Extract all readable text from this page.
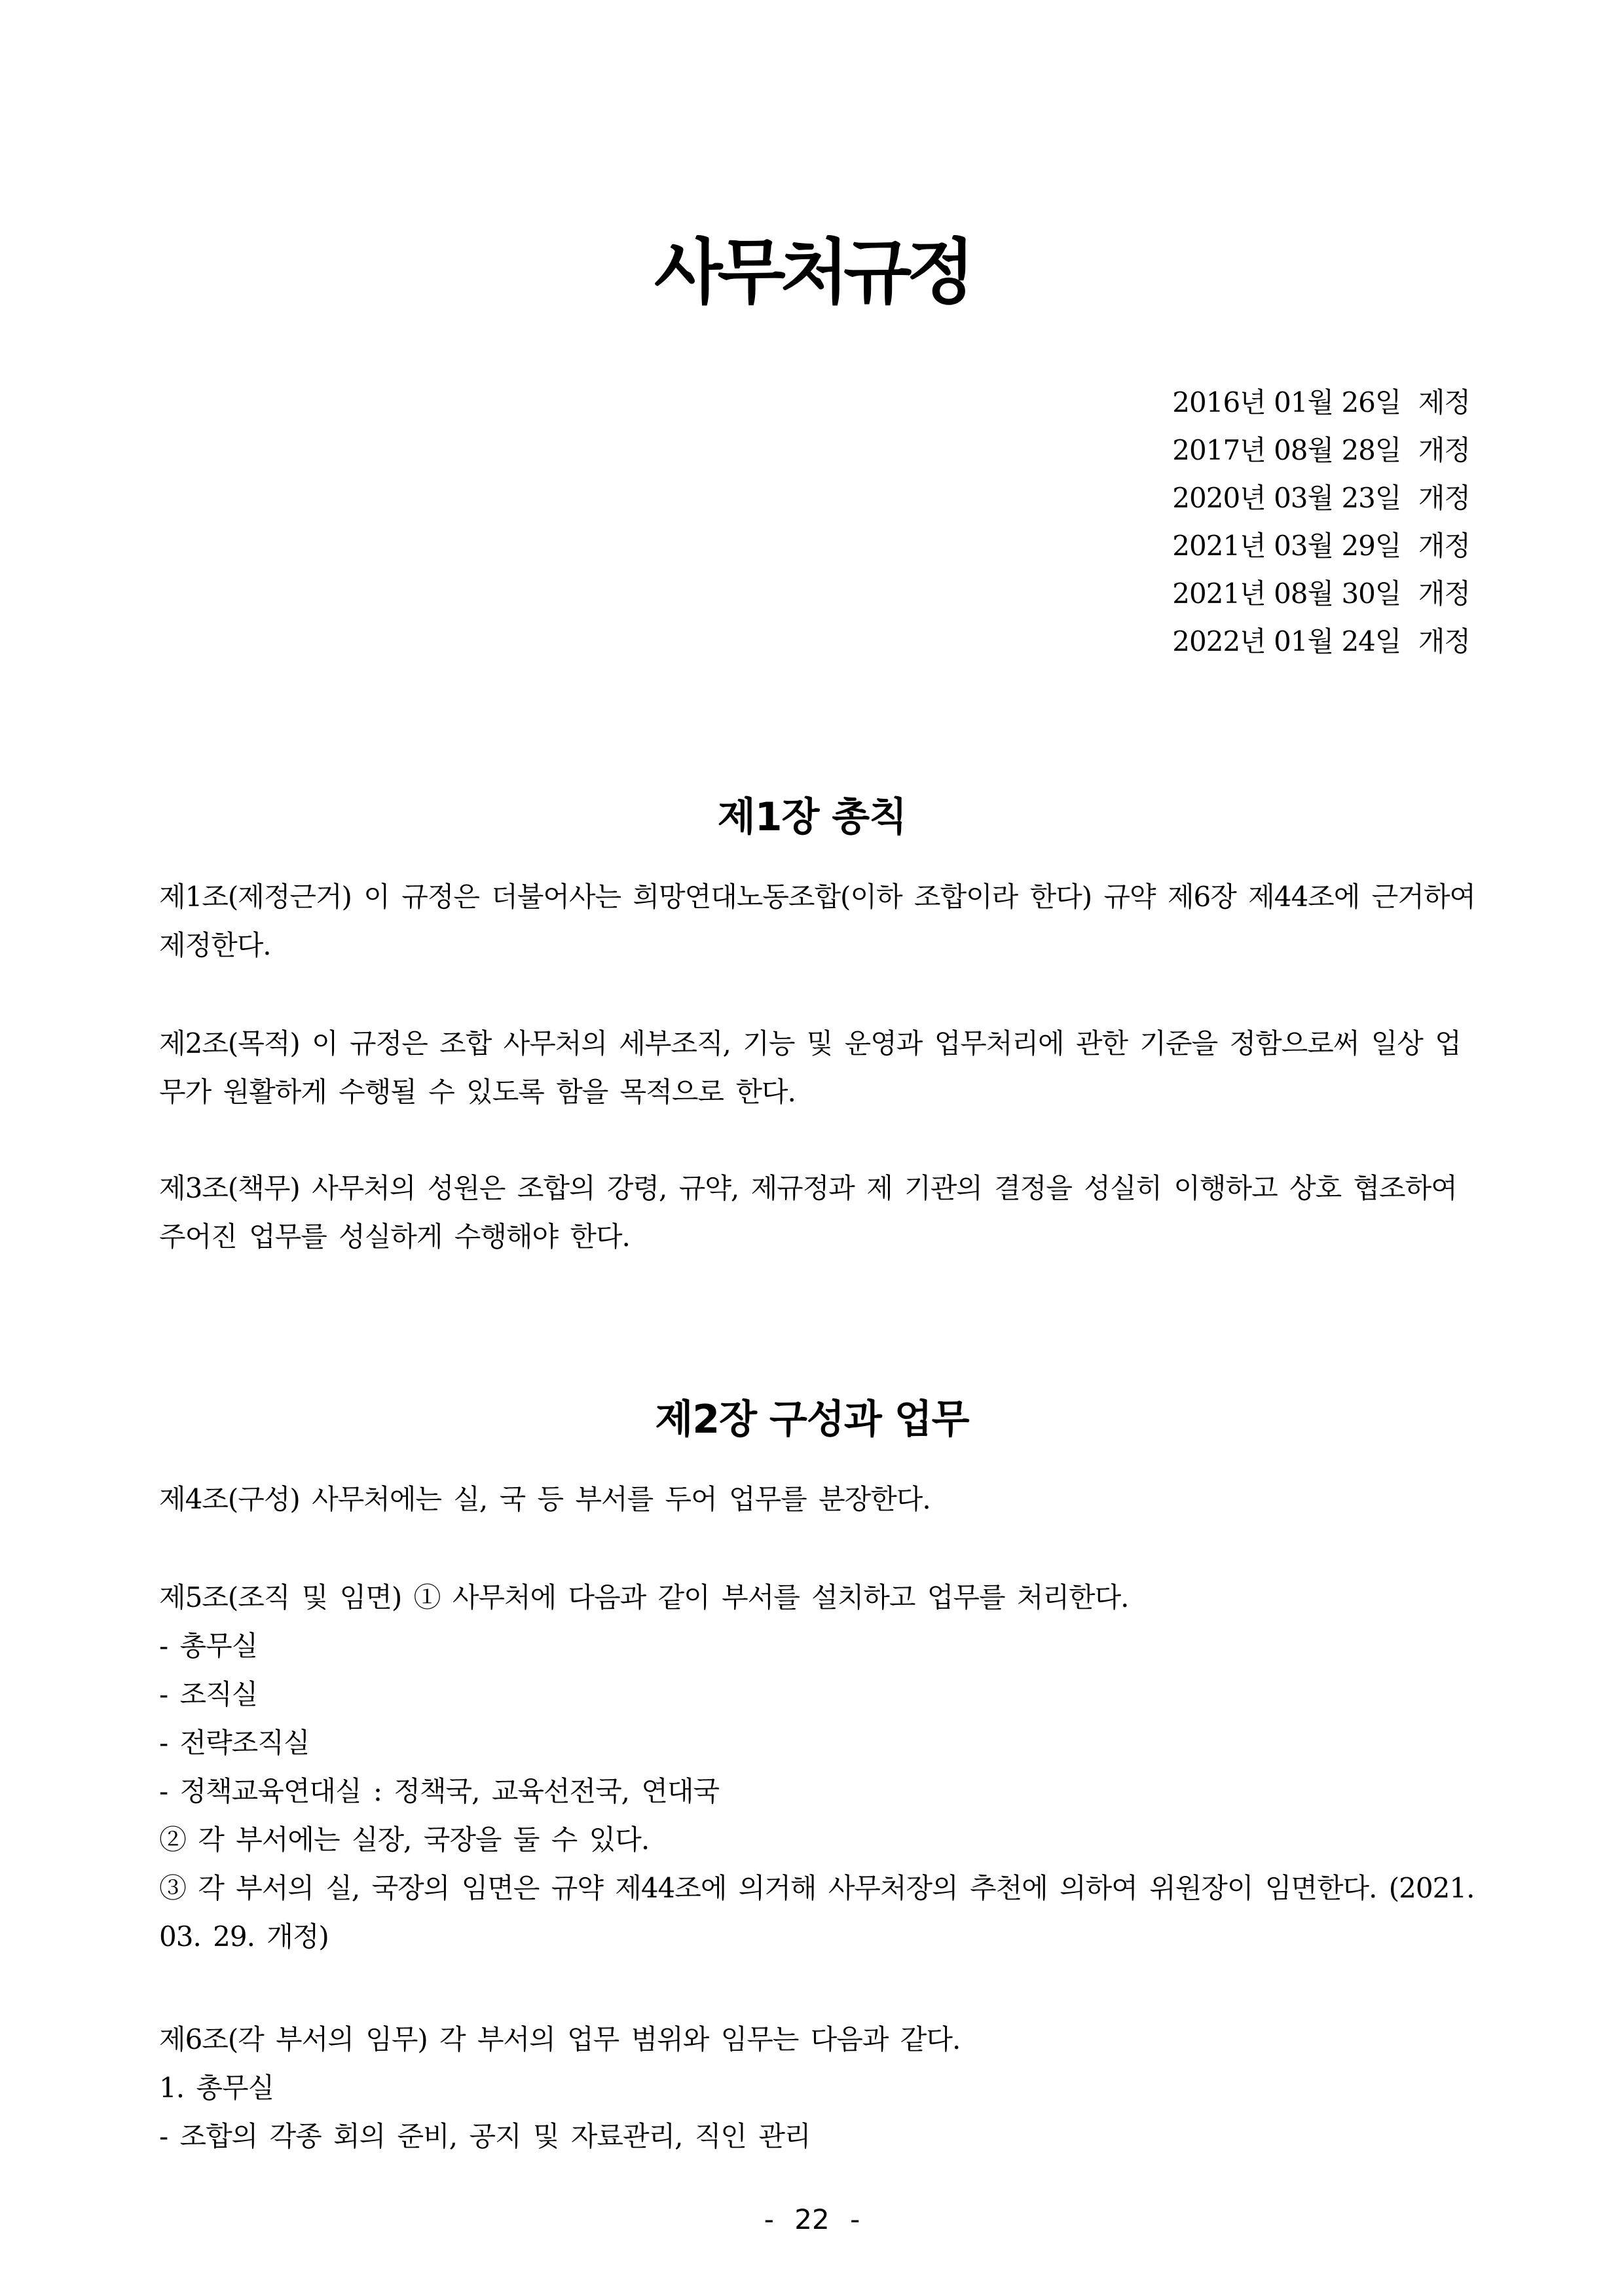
사무처규정
2016년 01월 26일 제정
2017년 08월 28일 개정
2020년 03월 23일 개정
2021년 03월 29일 개정
2021년 08월 30일 개정
2022년 01월 24일 개정
제1장 총칙
제1조(제정근거) 이 규정은 더불어사는 희망연대노동조합(이하 조합이라 한다) 규약 제6장 제44조에 근거하여
제정한다.
제2조(목적) 이 규정은 조합 사무처의 세부조직, 기능 및 운영과 업무처리에 관한 기준을 정함으로써 일상 업
무가 원활하게 수행될 수 있도록 함을 목적으로 한다.
제3조(책무) 사무처의 성원은 조합의 강령, 규약, 제규정과 제 기관의 결정을 성실히 이행하고 상호 협조하여
주어진 업무를 성실하게 수행해야 한다.
제2장 구성과 업무
제4조(구성) 사무처에는 실, 국 등 부서를 두어 업무를 분장한다.
제5조(조직 및 임면) ① 사무처에 다음과 같이 부서를 설치하고 업무를 처리한다.
- 총무실
- 조직실
- 전략조직실
- 정책교육연대실 : 정책국, 교육선전국, 연대국
② 각 부서에는 실장, 국장을 둘 수 있다.
③ 각 부서의 실, 국장의 임면은 규약 제44조에 의거해 사무처장의 추천에 의하여 위원장이 임면한다. (2021.
03. 29. 개정)
제6조(각 부서의 임무) 각 부서의 업무 범위와 임무는 다음과 같다.
1. 총무실
- 조합의 각종 회의 준비, 공지 및 자료관리, 직인 관리
- 22 -
